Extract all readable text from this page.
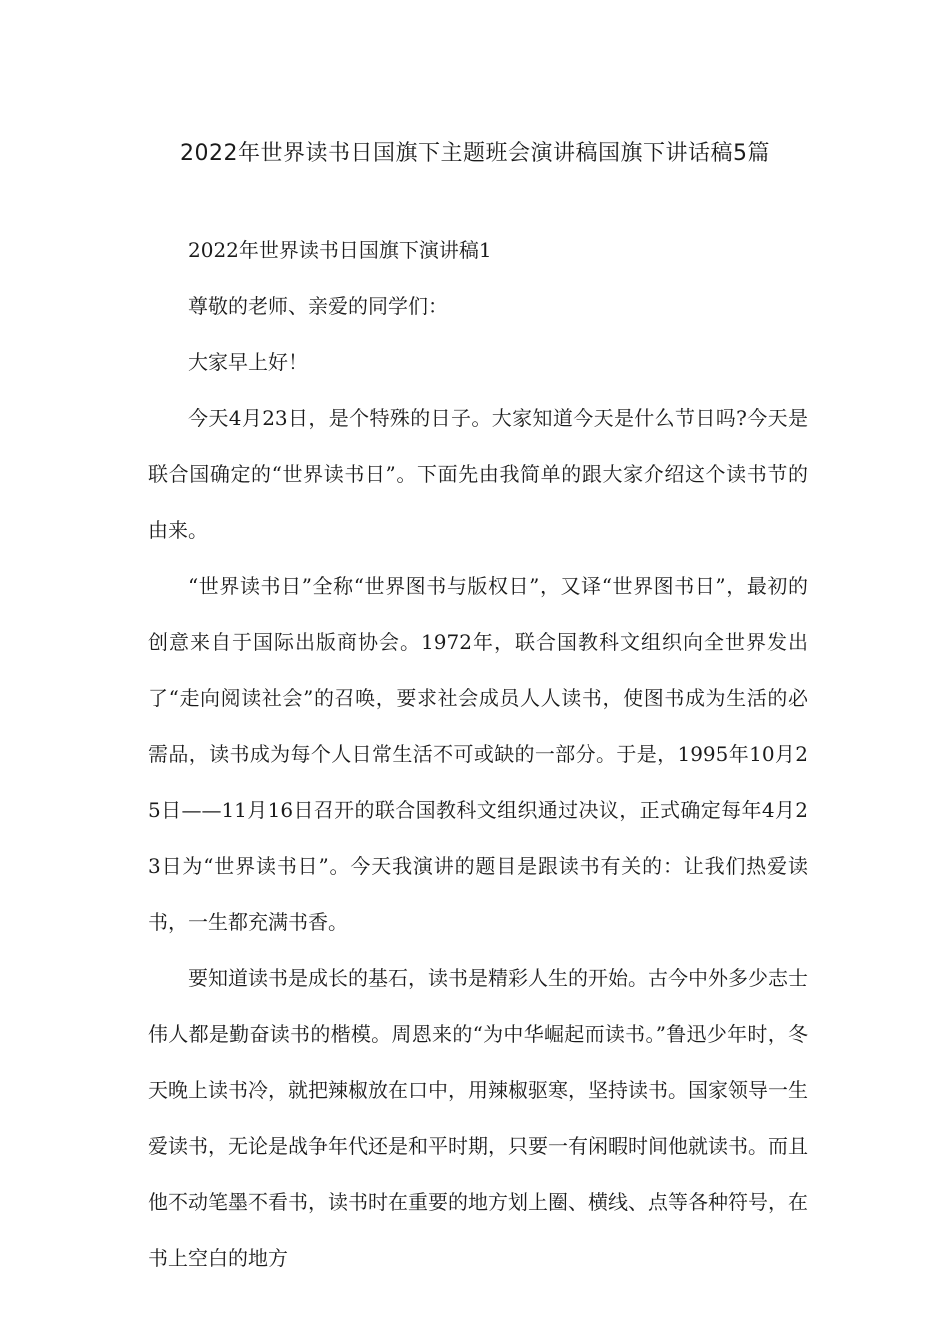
2022年世界读书日国旗下主题班会演讲稿国旗下讲话稿5篇

2022年世界读书日国旗下演讲稿1

尊敬的老师、亲爱的同学们：

大家早上好！

今天4月23日，是个特殊的日子。大家知道今天是什么节日吗?今天是联合国确定的“世界读书日”。下面先由我简单的跟大家介绍这个读书节的由来。

“世界读书日”全称“世界图书与版权日”，又译“世界图书日”，最初的创意来自于国际出版商协会。1972年，联合国教科文组织向全世界发出了“走向阅读社会”的召唤，要求社会成员人人读书，使图书成为生活的必需品，读书成为每个人日常生活不可或缺的一部分。于是，1995年10月25日——11月16日召开的联合国教科文组织通过决议，正式确定每年4月23日为“世界读书日”。今天我演讲的题目是跟读书有关的：让我们热爱读书，一生都充满书香。

要知道读书是成长的基石，读书是精彩人生的开始。古今中外多少志士伟人都是勤奋读书的楷模。周恩来的“为中华崛起而读书。”鲁迅少年时，冬天晚上读书冷，就把辣椒放在口中，用辣椒驱寒，坚持读书。国家领导一生爱读书，无论是战争年代还是和平时期，只要一有闲暇时间他就读书。而且他不动笔墨不看书，读书时在重要的地方划上圈、横线、点等各种符号，在书上空白的地方
